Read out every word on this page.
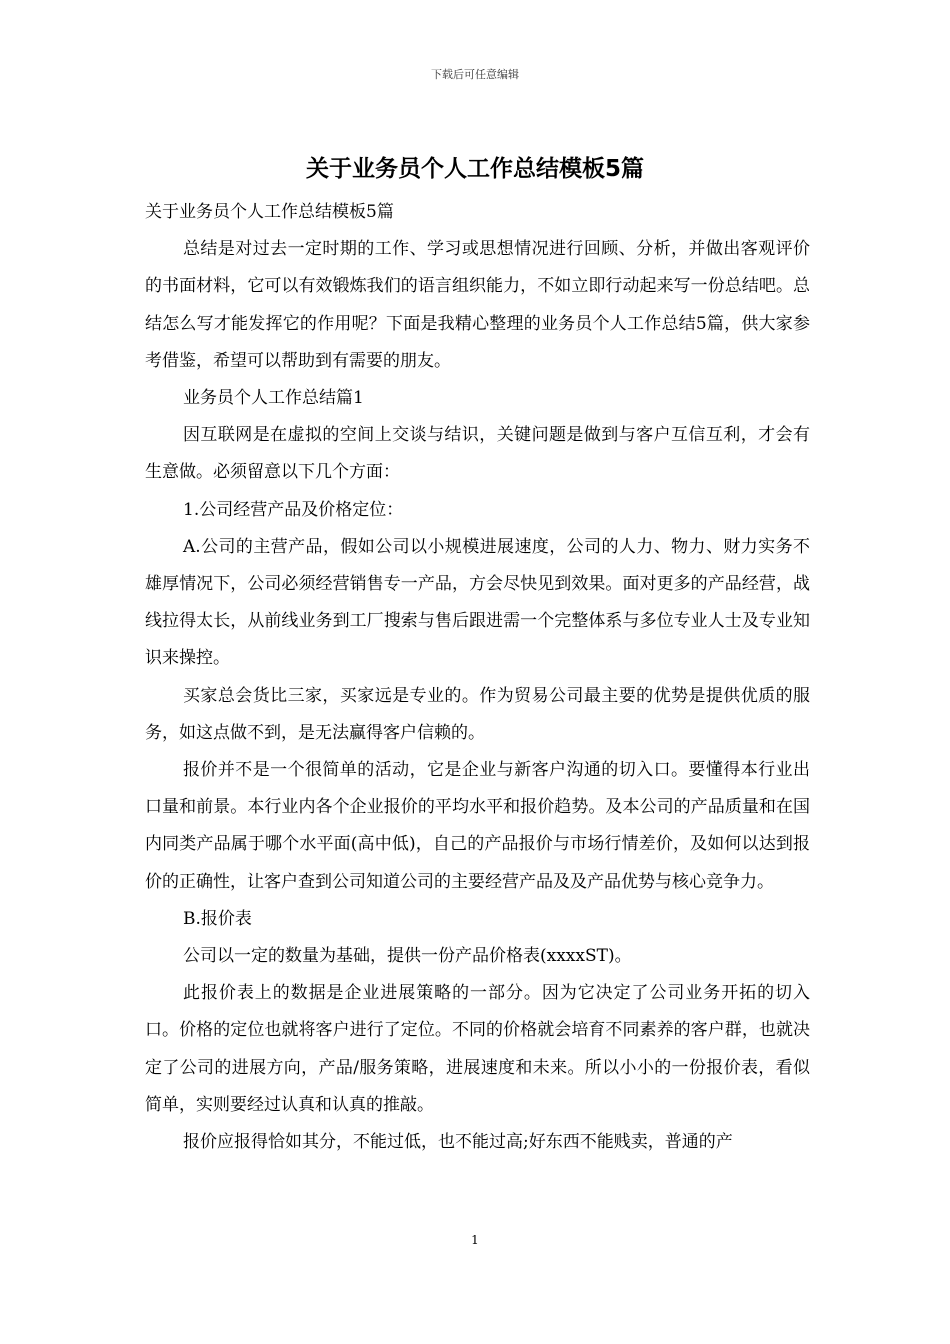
下载后可任意编辑
关于业务员个人工作总结模板5篇

关于业务员个人工作总结模板5篇

总结是对过去一定时期的工作、学习或思想情况进行回顾、分析，并做出客观评价的书面材料，它可以有效锻炼我们的语言组织能力，不如立即行动起来写一份总结吧。总结怎么写才能发挥它的作用呢？下面是我精心整理的业务员个人工作总结5篇，供大家参考借鉴，希望可以帮助到有需要的朋友。

业务员个人工作总结篇1

因互联网是在虚拟的空间上交谈与结识，关键问题是做到与客户互信互利，才会有生意做。必须留意以下几个方面：

1.公司经营产品及价格定位：

A.公司的主营产品，假如公司以小规模进展速度，公司的人力、物力、财力实务不雄厚情况下，公司必须经营销售专一产品，方会尽快见到效果。面对更多的产品经营，战线拉得太长，从前线业务到工厂搜索与售后跟进需一个完整体系与多位专业人士及专业知识来操控。

买家总会货比三家，买家远是专业的。作为贸易公司最主要的优势是提供优质的服务，如这点做不到，是无法赢得客户信赖的。

报价并不是一个很简单的活动，它是企业与新客户沟通的切入口。要懂得本行业出口量和前景。本行业内各个企业报价的平均水平和报价趋势。及本公司的产品质量和在国内同类产品属于哪个水平面(高中低)，自己的产品报价与市场行情差价，及如何以达到报价的正确性，让客户查到公司知道公司的主要经营产品及及产品优势与核心竞争力。

B.报价表

公司以一定的数量为基础，提供一份产品价格表(xxxxST)。

此报价表上的数据是企业进展策略的一部分。因为它决定了公司业务开拓的切入口。价格的定位也就将客户进行了定位。不同的价格就会培育不同素养的客户群，也就决定了公司的进展方向，产品/服务策略，进展速度和未来。所以小小的一份报价表，看似简单，实则要经过认真和认真的推敲。

报价应报得恰如其分，不能过低，也不能过高;好东西不能贱卖，普通的产

1
